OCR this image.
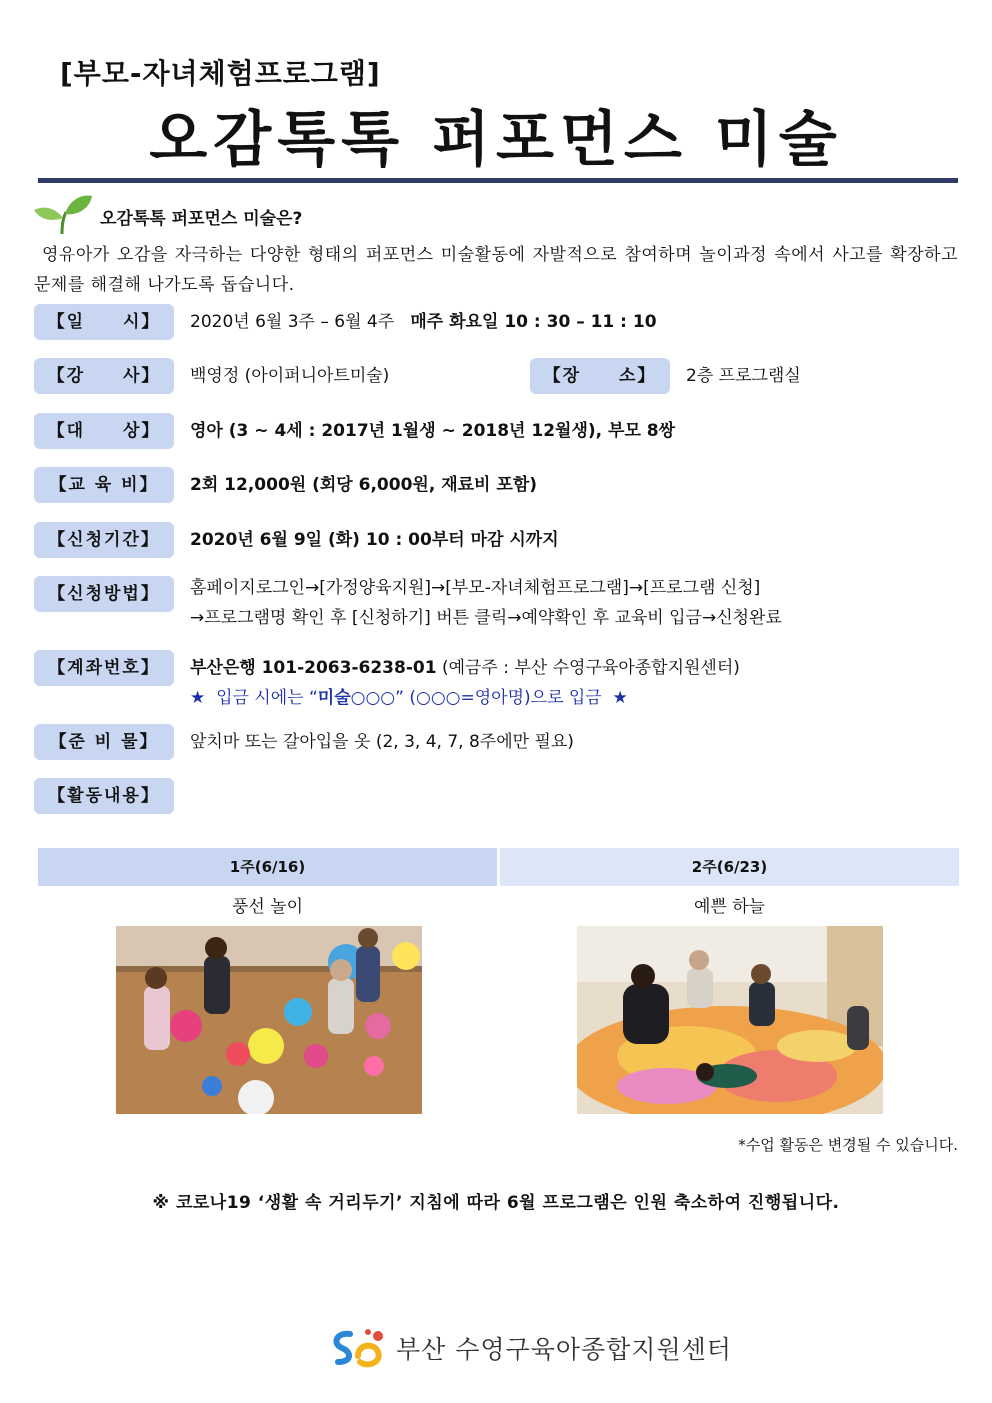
[부모-자녀체험프로그램]
오감톡톡 퍼포먼스 미술
오감톡톡 퍼포먼스 미술은?
영유아가 오감을 자극하는 다양한 형태의 퍼포먼스 미술활동에 자발적으로 참여하며 놀이과정 속에서 사고를 확장하고 문제를 해결해 나가도록 돕습니다.
【일　　시】	2020년 6월 3주 – 6월 4주 매주 화요일 10 : 30 – 11 : 10
【강　　사】	백영정 (아이퍼니아트미술)	【장　　소】	2층 프로그램실
【대　　상】	영아 (3 ~ 4세 : 2017년 1월생 ~ 2018년 12월생), 부모 8쌍
【교 육 비】	2회 12,000원 (회당 6,000원, 재료비 포함)
【신청기간】	2020년 6월 9일 (화) 10 : 00부터 마감 시까지
【신청방법】	홈페이지로그인→[가정양육지원]→[부모-자녀체험프로그램]→[프로그램 신청]
→프로그램명 확인 후 [신청하기] 버튼 클릭→예약확인 후 교육비 입금→신청완료
【계좌번호】	부산은행 101-2063-6238-01 (예금주 : 부산 수영구육아종합지원센터)
★ 입금 시에는 “미술○○○” (○○○=영아명)으로 입금 ★
【준 비 물】	앞치마 또는 갈아입을 옷 (2, 3, 4, 7, 8주에만 필요)
【활동내용】
1주(6/16)	2주(6/23)
풍선 놀이	예쁜 하늘
*수업 활동은 변경될 수 있습니다.
※ 코로나19 ‘생활 속 거리두기’ 지침에 따라 6월 프로그램은 인원 축소하여 진행됩니다.
부산 수영구육아종합지원센터
